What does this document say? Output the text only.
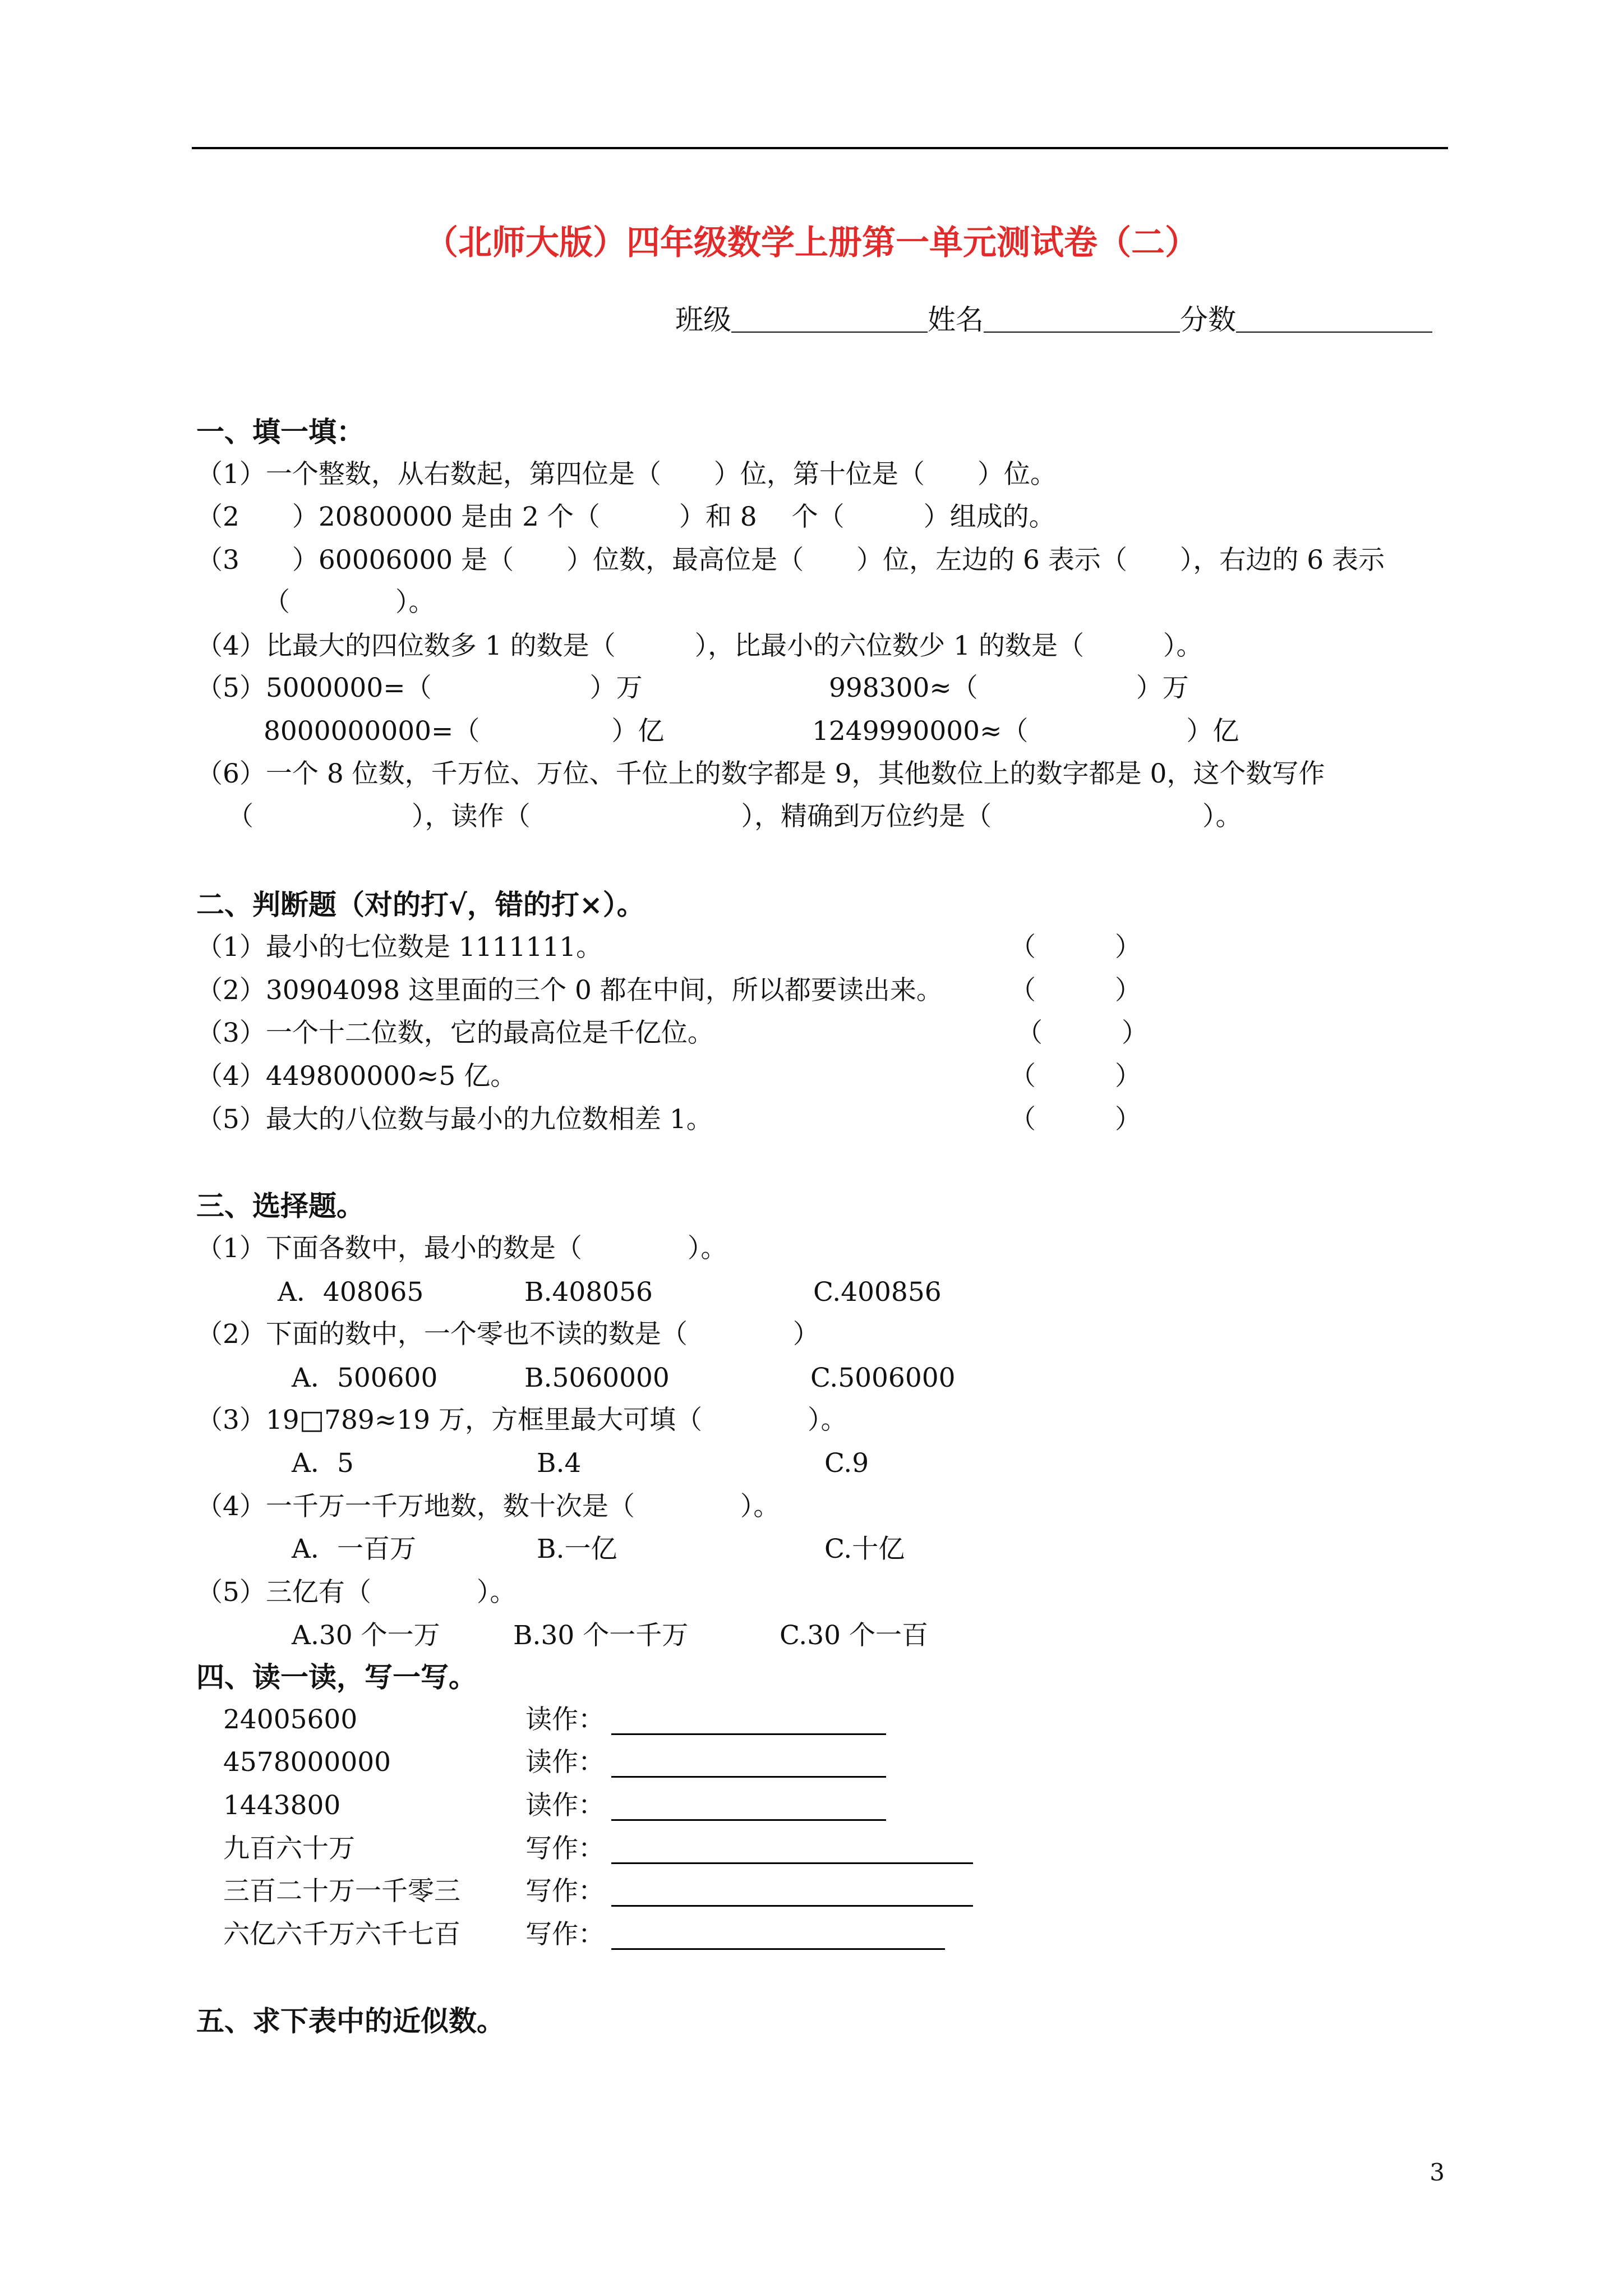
（北师大版）四年级数学上册第一单元测试卷（二）
班级＿＿＿＿＿＿＿姓名＿＿＿＿＿＿＿分数＿＿＿＿＿＿＿
一、填一填：
（1）一个整数，从右数起，第四位是（　　）位，第十位是（　　）位。
（2　　）20800000 是由 2 个（　　　）和 8　 个（　　　）组成的。
（3　　）60006000 是（　　）位数，最高位是（　　）位，左边的 6 表示（　　），右边的 6 表示
（　　　　）。
（4）比最大的四位数多 1 的数是（　　　），比最小的六位数少 1 的数是（　　　）。
（5）5000000=（　　　　　　）万	998300≈（　　　　　　）万
8000000000=（　　　　　）亿	1249990000≈（　　　　　　）亿
（6）一个 8 位数，千万位、万位、千位上的数字都是 9，其他数位上的数字都是 0，这个数写作
（　　　　　　），读作（　　　　　　　　），精确到万位约是（　　　　　　　　）。
二、判断题（对的打√，错的打×）。
（1）最小的七位数是 1111111。	（　　　）
（2）30904098 这里面的三个 0 都在中间，所以都要读出来。	（　　　）
（3）一个十二位数，它的最高位是千亿位。	（　　　）
（4）449800000≈5 亿。	（　　　）
（5）最大的八位数与最小的九位数相差 1。	（　　　）
三、选择题。
（1）下面各数中，最小的数是（　　　　）。
A．408065	B.408056	C.400856
（2）下面的数中，一个零也不读的数是（　　　　）
A．500600	B.5060000	C.5006000
（3）19□789≈19 万，方框里最大可填（　　　　）。
A．5	B.4	C.9
（4）一千万一千万地数，数十次是（　　　　）。
A．一百万	B.一亿	C.十亿
（5）三亿有（　　　　）。
A.30 个一万	B.30 个一千万	C.30 个一百
四、读一读，写一写。
24005600	读作：
4578000000	读作：
1443800	读作：
九百六十万	写作：
三百二十万一千零三 写作：
六亿六千万六千七百 写作：
五、求下表中的近似数。
3
